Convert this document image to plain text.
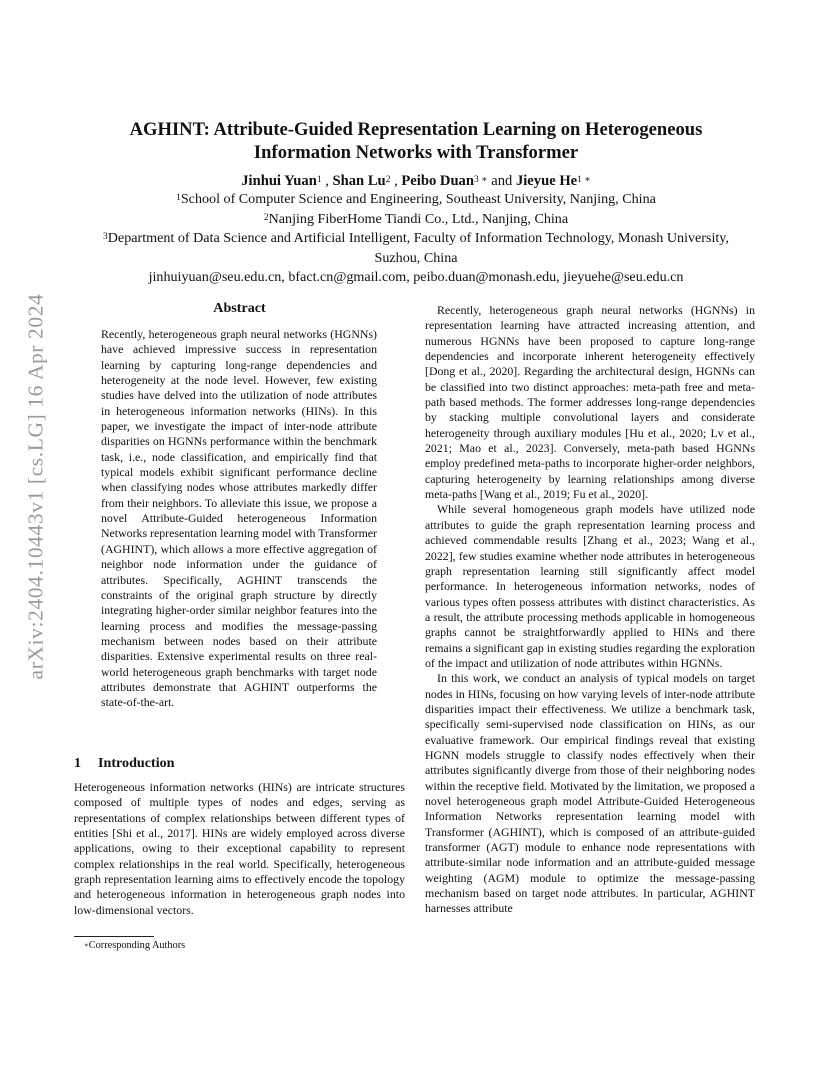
arXiv:2404.10443v1 [cs.LG] 16 Apr 2024
AGHINT: Attribute-Guided Representation Learning on Heterogeneous
Information Networks with Transformer
Jinhui Yuan$^1$ , Shan Lu$^2$ , Peibo Duan$^{3 ∗}$ and Jieyue $He^{1 ∗}$
$^1$School of Computer Science and Engineering, Southeast University, Nanjing, China
$^2$Nanjing FiberHome Tiandi Co., Ltd., Nanjing, China
$^3$Department of Data Science and Artificial Intelligent, Faculty of Information Technology, Monash University, Suzhou, China
jinhuiyuan@seu.edu.cn, bfact.cn@gmail.com, peibo.duan@monash.edu, jieyuehe@seu.edu.cn
Abstract

Recently, heterogeneous graph neural networks (HGNNs) have achieved impressive success in representation learning by capturing long-range dependencies and heterogeneity at the node level. However, few existing studies have delved into the utilization of node attributes in heterogeneous information networks (HINs). In this paper, we investigate the impact of inter-node attribute disparities on HGNNs performance within the benchmark task, i.e., node classification, and empirically find that typical models exhibit significant performance decline when classifying nodes whose attributes markedly differ from their neighbors. To alleviate this issue, we propose a novel Attribute-Guided heterogeneous Information Networks representation learning model with Transformer (AGHINT), which allows a more effective aggregation of neighbor node information under the guidance of attributes. Specifically, AGHINT transcends the constraints of the original graph structure by directly integrating higher-order similar neighbor features into the learning process and modifies the message-passing mechanism between nodes based on their attribute disparities. Extensive experimental results on three real-world heterogeneous graph benchmarks with target node attributes demonstrate that AGHINT outperforms the state-of-the-art.

1 Introduction

Heterogeneous information networks (HINs) are intricate structures composed of multiple types of nodes and edges, serving as representations of complex relationships between different types of entities [Shi et al., 2017]. HINs are widely employed across diverse applications, owing to their exceptional capability to represent complex relationships in the real world. Specifically, heterogeneous graph representation learning aims to effectively encode the topology and heterogeneous information in heterogeneous graph nodes into low-dimensional vectors.

Recently, heterogeneous graph neural networks (HGNNs) in representation learning have attracted increasing attention, and numerous HGNNs have been proposed to capture long-range dependencies and incorporate inherent heterogeneity effectively [Dong et al., 2020]. Regarding the architectural design, HGNNs can be classified into two distinct approaches: meta-path free and meta-path based methods. The former addresses long-range dependencies by stacking multiple convolutional layers and considerate heterogeneity through auxiliary modules [Hu et al., 2020; Lv et al., 2021; Mao et al., 2023]. Conversely, meta-path based HGNNs employ predefined meta-paths to incorporate higher-order neighbors, capturing heterogeneity by learning relationships among diverse meta-paths [Wang et al., 2019; Fu et al., 2020].

While several homogeneous graph models have utilized node attributes to guide the graph representation learning process and achieved commendable results [Zhang et al., 2023; Wang et al., 2022], few studies examine whether node attributes in heterogeneous graph representation learning still significantly affect model performance. In heterogeneous information networks, nodes of various types often possess attributes with distinct characteristics. As a result, the attribute processing methods applicable in homogeneous graphs cannot be straightforwardly applied to HINs and there remains a significant gap in existing studies regarding the exploration of the impact and utilization of node attributes within HGNNs.

In this work, we conduct an analysis of typical models on target nodes in HINs, focusing on how varying levels of inter-node attribute disparities impact their effectiveness. We utilize a benchmark task, specifically semi-supervised node classification on HINs, as our evaluative framework. Our empirical findings reveal that existing HGNN models struggle to classify nodes effectively when their attributes significantly diverge from those of their neighboring nodes within the receptive field. Motivated by the limitation, we proposed a novel heterogeneous graph model Attribute-Guided Heterogeneous Information Networks representation learning model with Transformer (AGHINT), which is composed of an attribute-guided transformer (AGT) module to enhance node representations with attribute-similar node information and an attribute-guided message weighting (AGM) module to optimize the message-passing mechanism based on target node attributes. In particular, AGHINT harnesses attribute

∗Corresponding Authors
